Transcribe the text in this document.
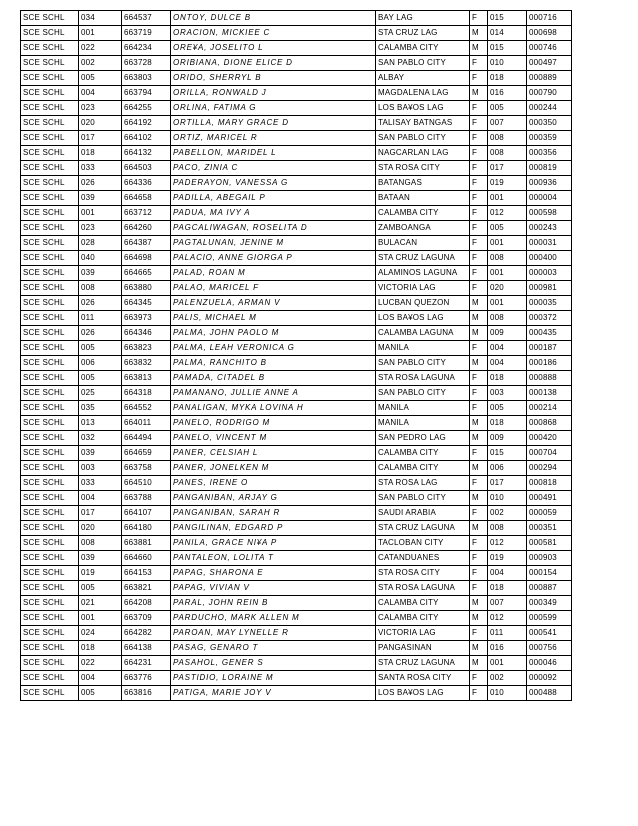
SCE SCHL	034	664537	ONTOY, DULCE B	BAY LAG	F	015	000716
SCE SCHL	001	663719	ORACION, MICKIEE C	STA CRUZ LAG	M	014	000698
SCE SCHL	022	664234	ORE¥A, JOSELITO L	CALAMBA CITY	M	015	000746
SCE SCHL	002	663728	ORIBIANA, DIONE ELICE D	SAN PABLO CITY	F	010	000497
SCE SCHL	005	663803	ORIDO, SHERRYL B	ALBAY	F	018	000889
SCE SCHL	004	663794	ORILLA, RONWALD J	MAGDALENA LAG	M	016	000790
SCE SCHL	023	664255	ORLINA, FATIMA G	LOS BA¥OS LAG	F	005	000244
SCE SCHL	020	664192	ORTILLA, MARY GRACE D	TALISAY BATNGAS	F	007	000350
SCE SCHL	017	664102	ORTIZ, MARICEL R	SAN PABLO CITY	F	008	000359
SCE SCHL	018	664132	PABELLON, MARIDEL L	NAGCARLAN LAG	F	008	000356
SCE SCHL	033	664503	PACO, ZINIA C	STA ROSA CITY	F	017	000819
SCE SCHL	026	664336	PADERAYON, VANESSA G	BATANGAS	F	019	000936
SCE SCHL	039	664658	PADILLA, ABEGAIL P	BATAAN	F	001	000004
SCE SCHL	001	663712	PADUA, MA IVY A	CALAMBA CITY	F	012	000598
SCE SCHL	023	664260	PAGCALIWAGAN, ROSELITA D	ZAMBOANGA	F	005	000243
SCE SCHL	028	664387	PAGTALUNAN, JENINE M	BULACAN	F	001	000031
SCE SCHL	040	664698	PALACIO, ANNE GIORGA P	STA CRUZ LAGUNA	F	008	000400
SCE SCHL	039	664665	PALAD, ROAN M	ALAMINOS LAGUNA	F	001	000003
SCE SCHL	008	663880	PALAO, MARICEL F	VICTORIA LAG	F	020	000981
SCE SCHL	026	664345	PALENZUELA, ARMAN V	LUCBAN QUEZON	M	001	000035
SCE SCHL	011	663973	PALIS, MICHAEL M	LOS BA¥OS LAG	M	008	000372
SCE SCHL	026	664346	PALMA, JOHN PAOLO M	CALAMBA LAGUNA	M	009	000435
SCE SCHL	005	663823	PALMA, LEAH VERONICA G	MANILA	F	004	000187
SCE SCHL	006	663832	PALMA, RANCHITO B	SAN PABLO CITY	M	004	000186
SCE SCHL	005	663813	PAMADA, CITADEL B	STA ROSA LAGUNA	F	018	000888
SCE SCHL	025	664318	PAMANANO, JULLIE ANNE A	SAN PABLO CITY	F	003	000138
SCE SCHL	035	664552	PANALIGAN, MYKA LOVINA H	MANILA	F	005	000214
SCE SCHL	013	664011	PANELO, RODRIGO M	MANILA	M	018	000868
SCE SCHL	032	664494	PANELO, VINCENT M	SAN PEDRO LAG	M	009	000420
SCE SCHL	039	664659	PANER, CELSIAH L	CALAMBA CITY	F	015	000704
SCE SCHL	003	663758	PANER, JONELKEN M	CALAMBA CITY	M	006	000294
SCE SCHL	033	664510	PANES, IRENE O	STA ROSA LAG	F	017	000818
SCE SCHL	004	663788	PANGANIBAN, ARJAY G	SAN PABLO CITY	M	010	000491
SCE SCHL	017	664107	PANGANIBAN, SARAH R	SAUDI ARABIA	F	002	000059
SCE SCHL	020	664180	PANGILINAN, EDGARD P	STA CRUZ LAGUNA	M	008	000351
SCE SCHL	008	663881	PANILA, GRACE NI¥A P	TACLOBAN CITY	F	012	000581
SCE SCHL	039	664660	PANTALEON, LOLITA T	CATANDUANES	F	019	000903
SCE SCHL	019	664153	PAPAG, SHARONA E	STA ROSA CITY	F	004	000154
SCE SCHL	005	663821	PAPAG, VIVIAN V	STA ROSA LAGUNA	F	018	000887
SCE SCHL	021	664208	PARAL, JOHN REIN B	CALAMBA CITY	M	007	000349
SCE SCHL	001	663709	PARDUCHO, MARK ALLEN M	CALAMBA CITY	M	012	000599
SCE SCHL	024	664282	PAROAN, MAY LYNELLE R	VICTORIA LAG	F	011	000541
SCE SCHL	018	664138	PASAG, GENARO T	PANGASINAN	M	016	000756
SCE SCHL	022	664231	PASAHOL, GENER S	STA CRUZ LAGUNA	M	001	000046
SCE SCHL	004	663776	PASTIDIO, LORAINE M	SANTA ROSA CITY	F	002	000092
SCE SCHL	005	663816	PATIGA, MARIE JOY V	LOS BA¥OS LAG	F	010	000488
